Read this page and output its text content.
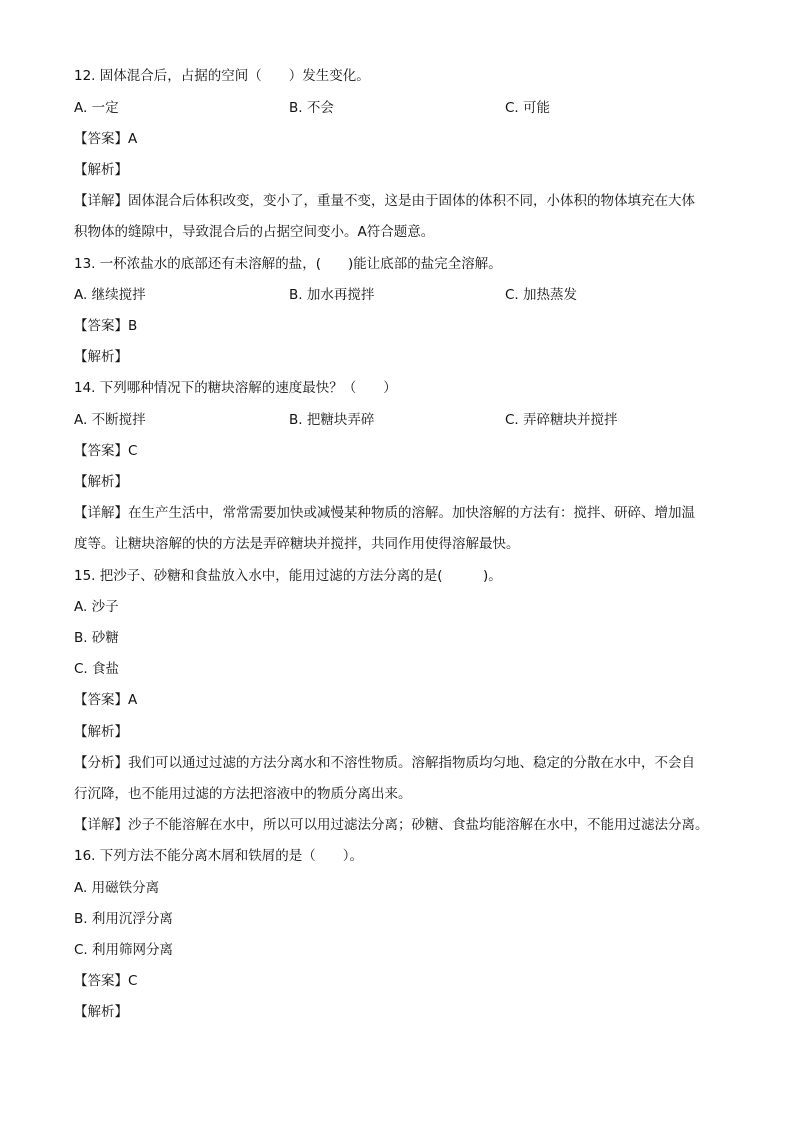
12. 固体混合后，占据的空间（　　）发生变化。
A. 一定	B. 不会	C. 可能
【答案】A
【解析】
【详解】固体混合后体积改变，变小了，重量不变，这是由于固体的体积不同，小体积的物体填充在大体
积物体的缝隙中，导致混合后的占据空间变小。A符合题意。
13. 一杯浓盐水的底部还有未溶解的盐，(　　)能让底部的盐完全溶解。
A. 继续搅拌	B. 加水再搅拌	C. 加热蒸发
【答案】B
【解析】
14. 下列哪种情况下的糖块溶解的速度最快？（　　）
A. 不断搅拌	B. 把糖块弄碎	C. 弄碎糖块并搅拌
【答案】C
【解析】
【详解】在生产生活中，常常需要加快或减慢某种物质的溶解。加快溶解的方法有：搅拌、研碎、增加温
度等。让糖块溶解的快的方法是弄碎糖块并搅拌，共同作用使得溶解最快。
15. 把沙子、砂糖和食盐放入水中，能用过滤的方法分离的是(　　　)。
A. 沙子
B. 砂糖
C. 食盐
【答案】A
【解析】
【分析】我们可以通过过滤的方法分离水和不溶性物质。溶解指物质均匀地、稳定的分散在水中，不会自
行沉降，也不能用过滤的方法把溶液中的物质分离出来。
【详解】沙子不能溶解在水中，所以可以用过滤法分离；砂糖、食盐均能溶解在水中，不能用过滤法分离。
16. 下列方法不能分离木屑和铁屑的是（　　）。
A. 用磁铁分离
B. 利用沉浮分离
C. 利用筛网分离
【答案】C
【解析】
